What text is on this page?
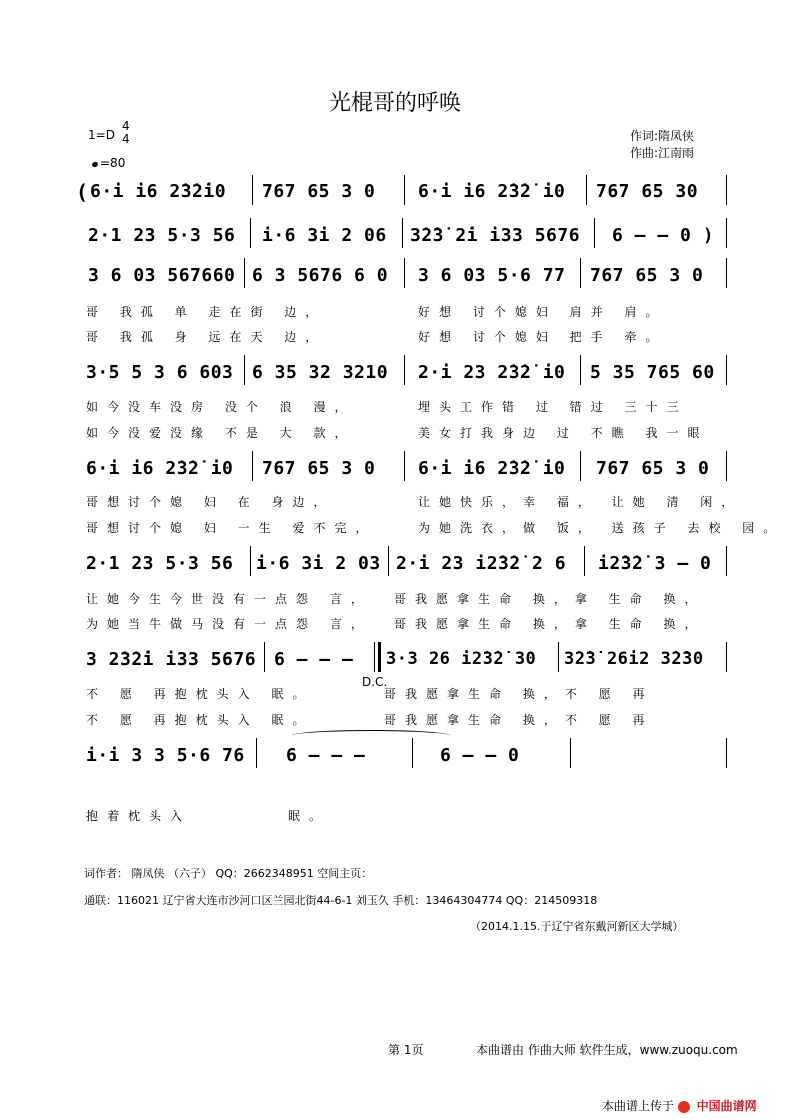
光棍哥的呼唤
1=D
4
4
=80
作词:隋凤侠
作曲:江南雨
( 6·i i6 2̇3̇2̇i0 767 65 3 0 6·i i6 2̇3̇2̇ i0 767 65 30
2·1 23 5·3 56 i·6 3i 2 06 3̇2̇3̇ 2̇i i33 5676 6 – – 0 )
3 6 03 567660 6 3 5676 6 0 3 6 03 5·6 77 767 65 3 0
哥 我孤 单 走在街 边，	好想 讨个媳妇 肩并 肩。
哥 我孤 身 远在天 边，	好想 讨个媳妇 把手 牵。
3·5 5 3 6 603 6 35 32 3210 2·i 23 2̇3̇2̇ i0 5 35 765 60
如今没车没房 没个 浪 漫，	埋头工作错 过 错过 三十三
如今没爱没缘 不是 大 款，	美女打我身边 过 不瞧 我一眼
6·i i6 2̇3̇2̇ i0 767 65 3 0 6·i i6 2̇3̇2̇ i0 767 65 3 0
哥想讨个媳 妇 在 身边，	让她快乐，幸 福， 让她 清 闲，
哥想讨个媳 妇 一生 爱不完，	为她洗衣，做 饭， 送孩子 去校 园。
2·1 23 5·3 56 i·6 3i 2 03 2·i 23 i2̇3̇2̇ 2 6 i2̇3̇2̇ 3 – 0
让她今生今世没有一点怨 言， 哥我愿拿生命 换，拿 生命 换，
为她当牛做马没有一点怨 言， 哥我愿拿生命 换，拿 生命 换，
3 2̇3̇2̇i i33 5676 6 – – – 3·3 26 i2̇3̇2̇ 30 3̇2̇3̇ 26i2 3̇2̇30
D.C.
不 愿 再抱枕头入 眠。	哥我愿拿生命 换，不 愿 再
不 愿 再抱枕头入 眠。	哥我愿拿生命 换，不 愿 再
i·i 3 3 5·6 76 6 – – –	6 – – 0
抱着枕头入	眠。
词作者： 隋凤侠 （六子） QQ：2662348951 空间主页：
通联：116021 辽宁省大连市沙河口区兰园北街44-6-1 刘玉久 手机：13464304774 QQ：214509318
（2014.1.15.于辽宁省东戴河新区大学城）
第 1页	本曲谱由 作曲大师 软件生成，www.zuoqu.com
本曲谱上传于 中国曲谱网
